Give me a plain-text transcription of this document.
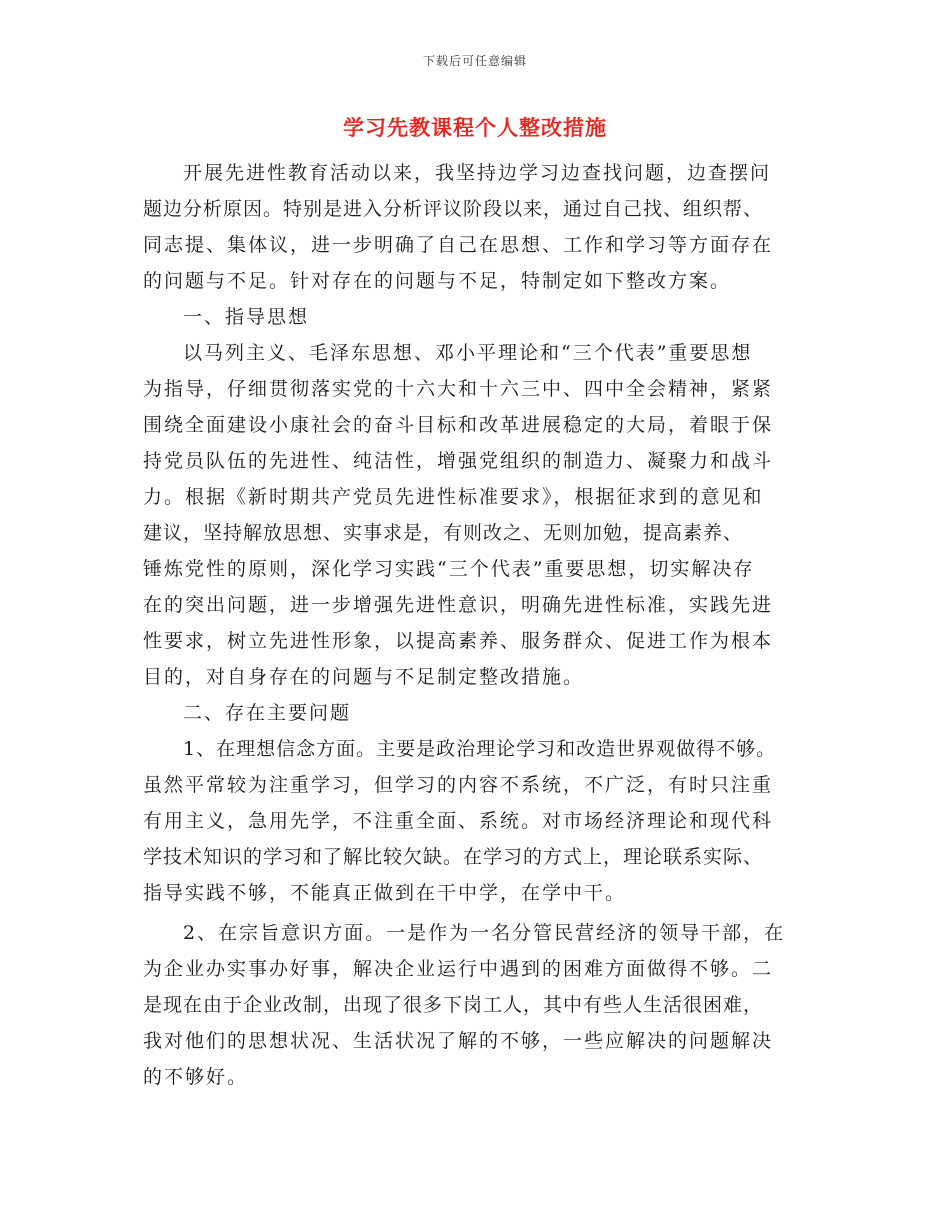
下载后可任意编辑
学习先教课程个人整改措施
开展先进性教育活动以来，我坚持边学习边查找问题，边查摆问
题边分析原因。特别是进入分析评议阶段以来，通过自己找、组织帮、
同志提、集体议，进一步明确了自己在思想、工作和学习等方面存在
的问题与不足。针对存在的问题与不足，特制定如下整改方案。
一、指导思想
以马列主义、毛泽东思想、邓小平理论和“三个代表”重要思想
为指导，仔细贯彻落实党的十六大和十六三中、四中全会精神，紧紧
围绕全面建设小康社会的奋斗目标和改革进展稳定的大局，着眼于保
持党员队伍的先进性、纯洁性，增强党组织的制造力、凝聚力和战斗
力。根据《新时期共产党员先进性标准要求》，根据征求到的意见和
建议，坚持解放思想、实事求是，有则改之、无则加勉，提高素养、
锤炼党性的原则，深化学习实践“三个代表”重要思想，切实解决存
在的突出问题，进一步增强先进性意识，明确先进性标准，实践先进
性要求，树立先进性形象，以提高素养、服务群众、促进工作为根本
目的，对自身存在的问题与不足制定整改措施。
二、存在主要问题
1、在理想信念方面。主要是政治理论学习和改造世界观做得不够。
虽然平常较为注重学习，但学习的内容不系统，不广泛，有时只注重
有用主义，急用先学，不注重全面、系统。对市场经济理论和现代科
学技术知识的学习和了解比较欠缺。在学习的方式上，理论联系实际、
指导实践不够，不能真正做到在干中学，在学中干。
2、在宗旨意识方面。一是作为一名分管民营经济的领导干部，在
为企业办实事办好事，解决企业运行中遇到的困难方面做得不够。二
是现在由于企业改制，出现了很多下岗工人，其中有些人生活很困难，
我对他们的思想状况、生活状况了解的不够，一些应解决的问题解决
的不够好。
